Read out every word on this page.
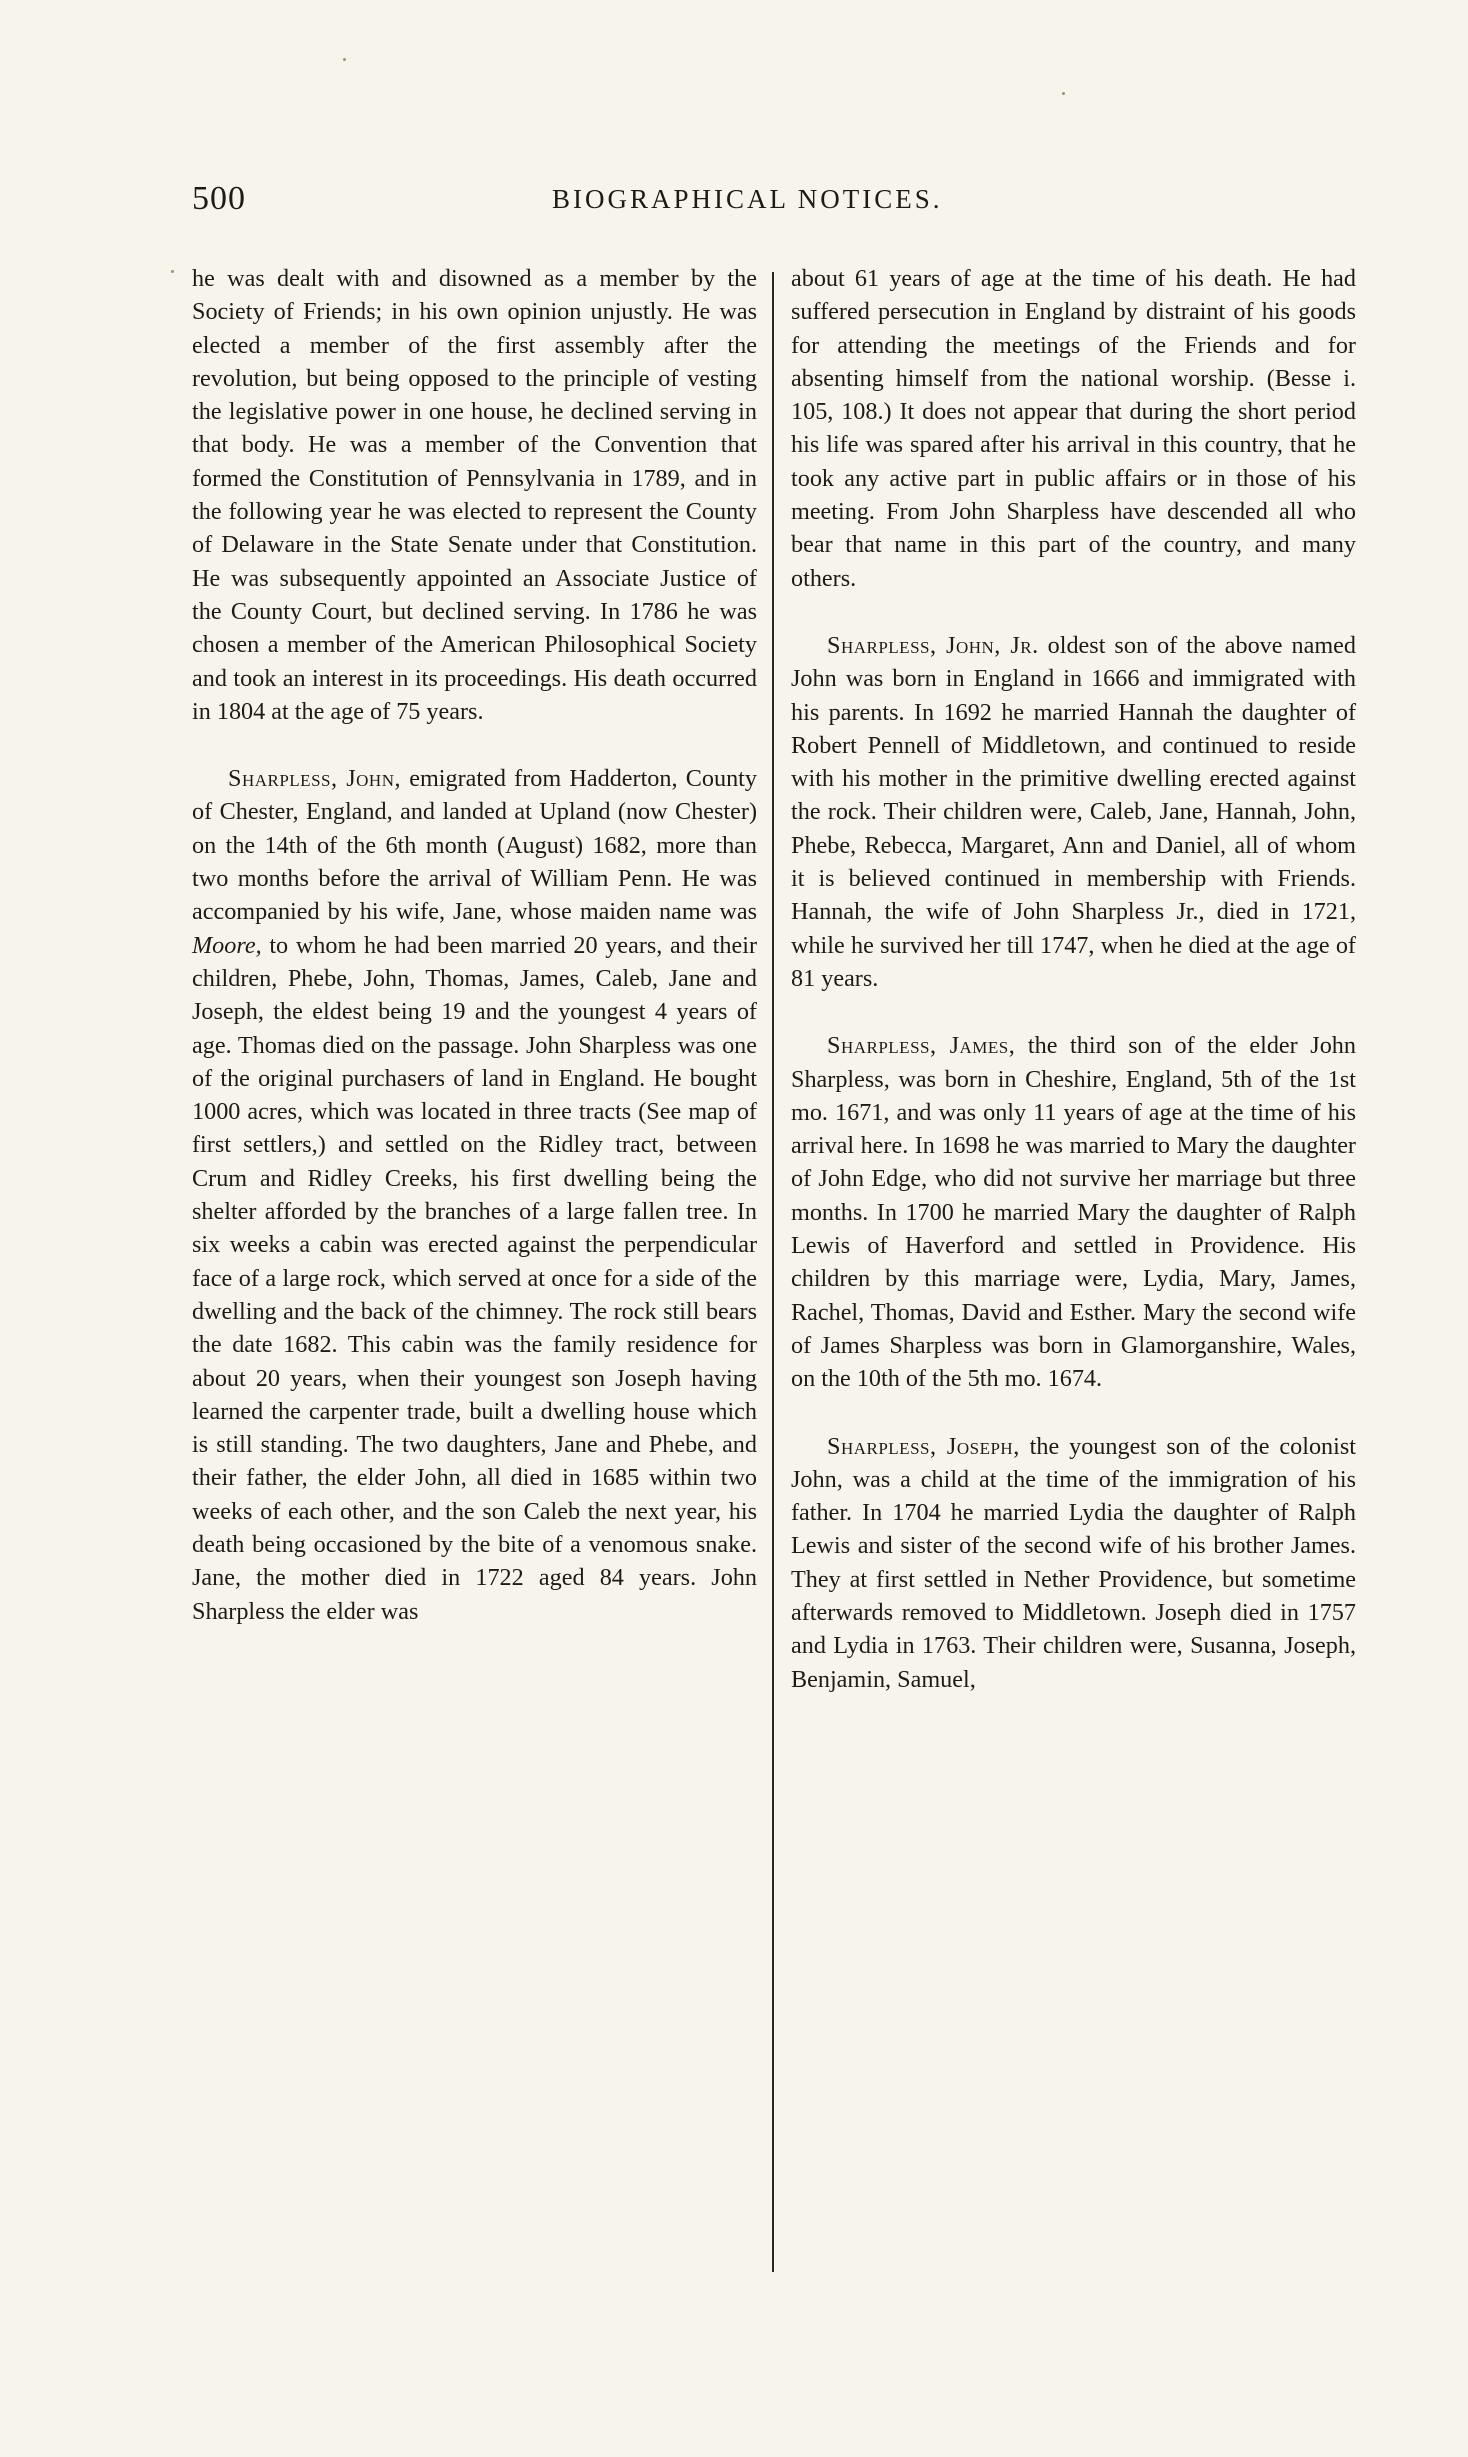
500	BIOGRAPHICAL NOTICES.

he was dealt with and disowned as a member by the Society of Friends; in his own opinion unjustly. He was elected a member of the first assembly after the revolution, but being opposed to the principle of vesting the legislative power in one house, he declined serving in that body. He was a member of the Convention that formed the Constitution of Pennsylvania in 1789, and in the following year he was elected to represent the County of Delaware in the State Senate under that Constitution. He was subsequently appointed an Associate Justice of the County Court, but declined serving. In 1786 he was chosen a member of the American Philosophical Society and took an interest in its proceedings. His death occurred in 1804 at the age of 75 years.

Sharpless, John, emigrated from Hadderton, County of Chester, England, and landed at Upland (now Chester) on the 14th of the 6th month (August) 1682, more than two months before the arrival of William Penn. He was accompanied by his wife, Jane, whose maiden name was Moore, to whom he had been married 20 years, and their children, Phebe, John, Thomas, James, Caleb, Jane and Joseph, the eldest being 19 and the youngest 4 years of age. Thomas died on the passage. John Sharpless was one of the original purchasers of land in England. He bought 1000 acres, which was located in three tracts (See map of first settlers,) and settled on the Ridley tract, between Crum and Ridley Creeks, his first dwelling being the shelter afforded by the branches of a large fallen tree. In six weeks a cabin was erected against the perpendicular face of a large rock, which served at once for a side of the dwelling and the back of the chimney. The rock still bears the date 1682. This cabin was the family residence for about 20 years, when their youngest son Joseph having learned the carpenter trade, built a dwelling house which is still standing. The two daughters, Jane and Phebe, and their father, the elder John, all died in 1685 within two weeks of each other, and the son Caleb the next year, his death being occasioned by the bite of a venomous snake. Jane, the mother died in 1722 aged 84 years. John Sharpless the elder was

about 61 years of age at the time of his death. He had suffered persecution in England by distraint of his goods for attending the meetings of the Friends and for absenting himself from the national worship. (Besse i. 105, 108.) It does not appear that during the short period his life was spared after his arrival in this country, that he took any active part in public affairs or in those of his meeting. From John Sharpless have descended all who bear that name in this part of the country, and many others.

Sharpless, John, Jr. oldest son of the above named John was born in England in 1666 and immigrated with his parents. In 1692 he married Hannah the daughter of Robert Pennell of Middletown, and continued to reside with his mother in the primitive dwelling erected against the rock. Their children were, Caleb, Jane, Hannah, John, Phebe, Rebecca, Margaret, Ann and Daniel, all of whom it is believed continued in membership with Friends. Hannah, the wife of John Sharpless Jr., died in 1721, while he survived her till 1747, when he died at the age of 81 years.

Sharpless, James, the third son of the elder John Sharpless, was born in Cheshire, England, 5th of the 1st mo. 1671, and was only 11 years of age at the time of his arrival here. In 1698 he was married to Mary the daughter of John Edge, who did not survive her marriage but three months. In 1700 he married Mary the daughter of Ralph Lewis of Haverford and settled in Providence. His children by this marriage were, Lydia, Mary, James, Rachel, Thomas, David and Esther. Mary the second wife of James Sharpless was born in Glamorganshire, Wales, on the 10th of the 5th mo. 1674.

Sharpless, Joseph, the youngest son of the colonist John, was a child at the time of the immigration of his father. In 1704 he married Lydia the daughter of Ralph Lewis and sister of the second wife of his brother James. They at first settled in Nether Providence, but sometime afterwards removed to Middletown. Joseph died in 1757 and Lydia in 1763. Their children were, Susanna, Joseph, Benjamin, Samuel,
